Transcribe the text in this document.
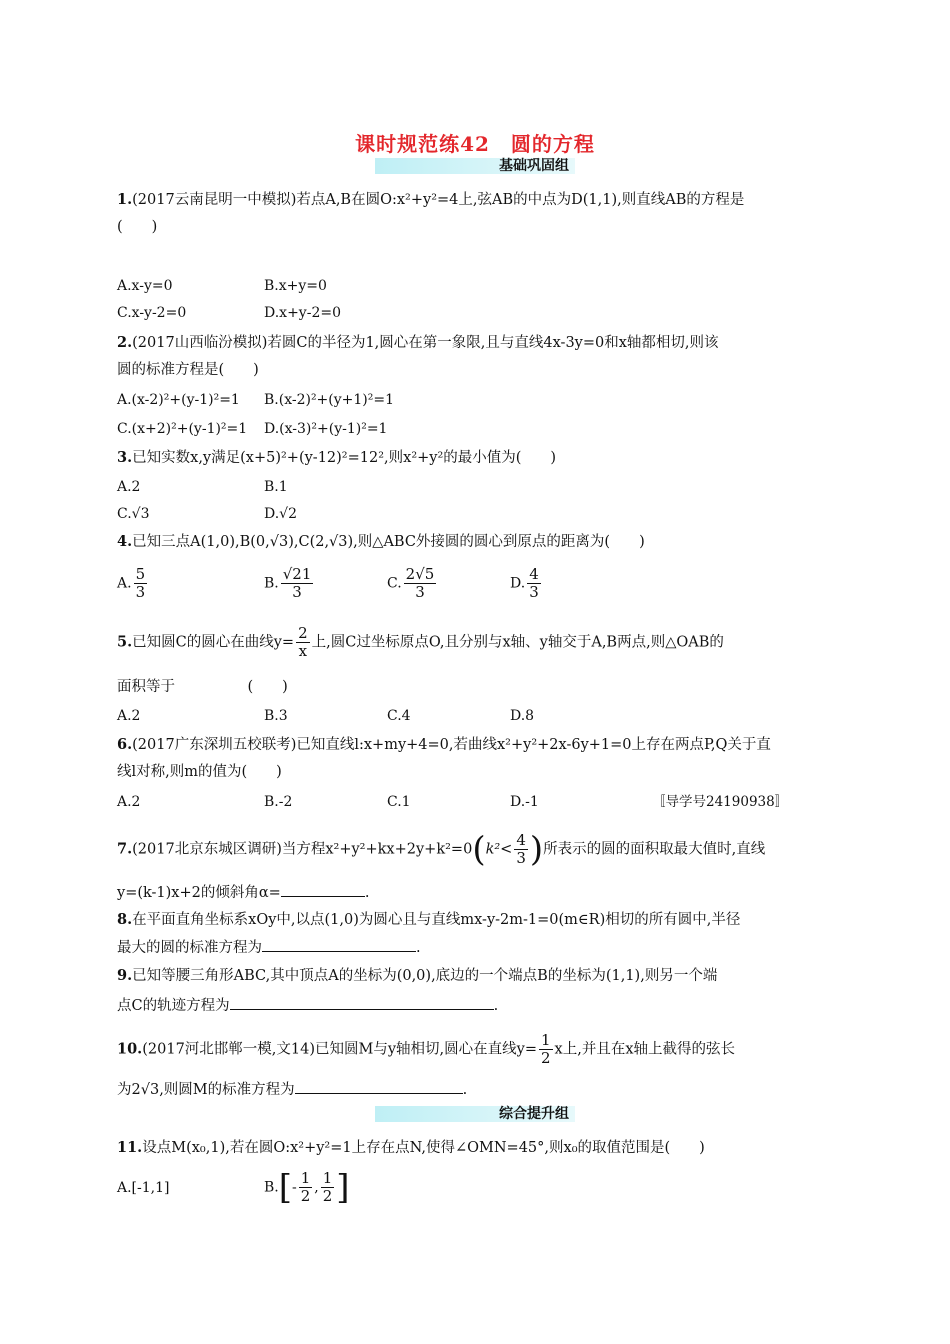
课时规范练42　圆的方程
基础巩固组
1.(2017云南昆明一中模拟)若点A,B在圆O:x²+y²=4上,弦AB的中点为D(1,1),则直线AB的方程是
(　　)
A.x-y=0	B.x+y=0
C.x-y-2=0	D.x+y-2=0
2.(2017山西临汾模拟)若圆C的半径为1,圆心在第一象限,且与直线4x-3y=0和x轴都相切,则该
圆的标准方程是(　　)
A.(x-2)²+(y-1)²=1 B.(x-2)²+(y+1)²=1
C.(x+2)²+(y-1)²=1 D.(x-3)²+(y-1)²=1
3.已知实数x,y满足(x+5)²+(y-12)²=12²,则x²+y²的最小值为(　　)
A.2	B.1
C.√3	D.√2
4.已知三点A(1,0),B(0,√3),C(2,√3),则△ABC外接圆的圆心到原点的距离为(　　)
A. $\frac{5}{3}$	B. $\frac{√21}{3}$	C. $\frac{2√5}{3}$	D. $\frac{4}{3}$
5.已知圆C的圆心在曲线$y= \frac{2}{x}$ 上,圆C过坐标原点O,且分别与x轴、y轴交于A,B两点,则△OAB的
面积等于　　　　　(　　)
A.2	B.3	C.4	D.8
6.(2017广东深圳五校联考)已知直线l:x+my+4=0,若曲线x²+y²+2x-6y+1=0上存在两点P,Q关于直
线l对称,则m的值为(　　)
A.2	B.-2	C.1	D.-1	〚导学号24190938〛
7.(2017北京东城区调研)当方程$x^2+y^2+kx+2y+k^2=0(k^2< \frac{4}{3}$ )所表示的圆的面积取最大值时,直线
y=(k-1)x+2的倾斜角α=	.
8.在平面直角坐标系xOy中,以点(1,0)为圆心且与直线mx-y-2m-1=0(m∈R)相切的所有圆中,半径
最大的圆的标准方程为	.
9.已知等腰三角形ABC,其中顶点A的坐标为(0,0),底边的一个端点B的坐标为(1,1),则另一个端
点C的轨迹方程为	.
10.(2017河北邯郸一模,文14)已知圆M与y轴相切,圆心在直线$y= \frac{1}{2}$ x上,并且在x轴上截得的弦长
为2√3,则圆M的标准方程为	.
综合提升组
11.设点M(x₀,1),若在圆O:x²+y²=1上存在点N,使得∠OMN=45°,则x₀的取值范围是(　　)
A.[-1,1]	$B.[- \frac{1}{2}$ , $\frac{1}{2}$ ]
